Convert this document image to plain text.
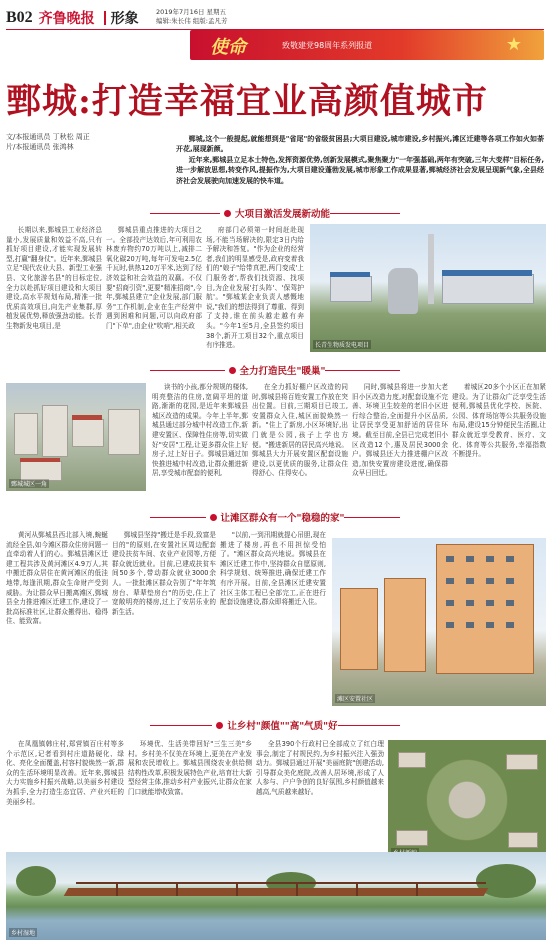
B02 齐鲁晚报 形象	2019年7月16日 星期五
编辑:朱长伟 组版:孟凡芳
使命	致敬建党98周年系列报道	★
鄄城:打造幸福宜业高颜值城市
文/本报通讯员 丁秋松 周正
片/本报通讯员 张鸿林

鄄城,这个一般提起,就能想到是"省尾"的省级贫困县;大项目建设,城市建设,乡村振兴,滩区迁建等各项工作如火如荼开花,展现新颜。

近年来,鄄城县立足本土特色,发挥资源优势,创新发展模式,聚焦聚力"一年强基础,两年有突破,三年大变样"目标任务,进一步解放思想,转变作风,提振作为,大项目建设蓬勃发展,城市形象工作成果显著,鄄城经济社会发展呈现新气象,全县经济社会发展驶向加速发展的快车道。

大项目激活发展新动能

长期以来,鄄城县工业经济总量小,发展质量和效益不高,只有抓好项目建设,才能实现发展转型,打赢"翻身仗"。近年来,鄄城县立足"现代农业大县、新型工业强县、文化旅游名县"的目标定位,全力以赴抓好项目建设和大项目建设,高水平规划布局,精准一批优质高效项目,向先产业集群,厚植发展优势,释放强劲动能。长青生物新发电项目,是

鄄城县重点推进的大项目之一。全部投产达效后,年可利用农林废弃物约70万吨以上,减排二氧化碳20万吨,每年可发电2.5亿千瓦时,供热120万平米,达到了经济效益和社会效益的双赢。不仅要"招商引资",更要"精准招商",今年,鄄城县建立"企业发展,部门服务"工作机制,企业在生产经营中遇到困难和问题,可以向政府部门"下单",由企业"吹哨",相关政

府部门必须第一时间赶赴现场,不能当场解决的,限定3日内给予解决和答复。"作为企业的经营者,我们的明显感受是,政府变着我们的"娘子"给带真把,两门变成'上门服务者',帮我们找资源、找项目,为企业发展'打头阵'、'保驾护航'。"鄄城某企业负责人感慨地说,"我们的想法得到了尊重、得到了支持,谁在前头越走越有奔头。"今年1至5月,全县签约项目38个,新开工项目32个,重点项目有序推进。	长青生物质发电项目
全力打造民生"暖巢"
鄄城城区一角

读书的小孩,都分规规的楼体,明亮整洁的住房,宽阔平坦的道路,渐渐的花园,是近年来鄄城县城区改造的成果。今年上半年,鄄城县通过部分城中村改造工作,新建安置区、保障性住房等,切实做好"安居"工程,让更多群众住上好房子,过上好日子。鄄城县通过加快推进城中村改造,让群众搬进新居,享受城市配套的便利,

在全力抓好棚户区改造的同时,鄄城县将百姓安置工作放在突出位置。目前,三期项目已竣工,安置群众入住,城区面貌焕然一新。"住上了新房,小区环境好,出门就是公园,孩子上学也方便。"搬进新居的居民高兴地说。鄄城县大力开展安置区配套设施建设,以更优质的服务,让群众住得舒心、住得安心。

同时,鄄城县将进一步加大老旧小区改造力度,对配套设施不完善、环境卫生较差的老旧小区进行综合整治,全面提升小区品质,让居民享受更加舒适的居住环境。截至目前,全县已完成老旧小区改造12个,惠及居民3000余户。鄄城县还大力推进棚户区改造,加快安置房建设进度,确保群众早日回迁。

着城区20多个小区正在加紧建设。为了让群众广泛享受生活便利,鄄城县优化学校、医院、公园、体育场馆等公共服务设施布局,建设15分钟便民生活圈,让群众就近享受教育、医疗、文化、体育等公共服务,幸福指数不断提升。

让滩区群众有一个"稳稳的家"

黄河从鄄城县西北部入境,蜿蜒流经全县,如今滩区群众住房问题一直牵动着人们的心。鄄城县滩区迁建工程共涉及黄河滩区4.9万人,其中搬迁群众居住在黄河滩区的低洼地带,每逢汛期,群众生命财产受到威胁。为让群众早日搬离滩区,鄄城县全力推进滩区迁建工作,建设了一批高标准社区,让群众搬得出、稳得住、能致富。

鄄城县坚持"搬迁是手段,致富是目的"的原则,在安置社区周边配套建设扶贫车间、农业产业园等,方便群众就近就业。目前,已建成扶贫车间50多个,带动群众就业3000余人。一批批滩区群众告别了"年年筑房台、辈辈垫房台"的历史,住上了宽敞明亮的楼房,过上了安居乐业的新生活。

"以前,一到汛期就提心吊胆,现在搬进了楼房,再也不用担惊受怕了。"滩区群众高兴地说。鄄城县在滩区迁建工作中,坚持群众自愿原则,科学规划、统筹推进,确保迁建工作有序开展。目前,全县滩区迁建安置社区主体工程已全部完工,正在进行配套设施建设,群众即将搬迁入住。

滩区安置社区
让乡村"颜值""高"气质"好

在凤凰镇韩庄村,郑营镇百庄村等多个示范区,记者看到村庄道路硬化、绿化、亮化全面覆盖,村容村貌焕然一新,群众的生活环境明显改善。近年来,鄄城县大力实施乡村振兴战略,以美丽乡村建设为抓手,全力打造生态宜居、产业兴旺的美丽乡村。

环境优、生活美带回好"三生三美"乡村。乡村美不仅美在环境上,更美在产业发展和农民增收上。鄄城县围绕农业供给侧结构性改革,积极发展特色产业,培育壮大新型经营主体,推动乡村产业振兴,让群众在家门口就能增收致富。

全县390个行政村已全部成立了红白理事会,制定了村规民约,为乡村振兴注入强劲动力。鄄城县通过开展"美丽庭院"创建活动,引导群众美化庭院,改善人居环境,形成了人人参与、户户争创的良好氛围,乡村颜值越来越高,气质越来越好。

乡村湿地
